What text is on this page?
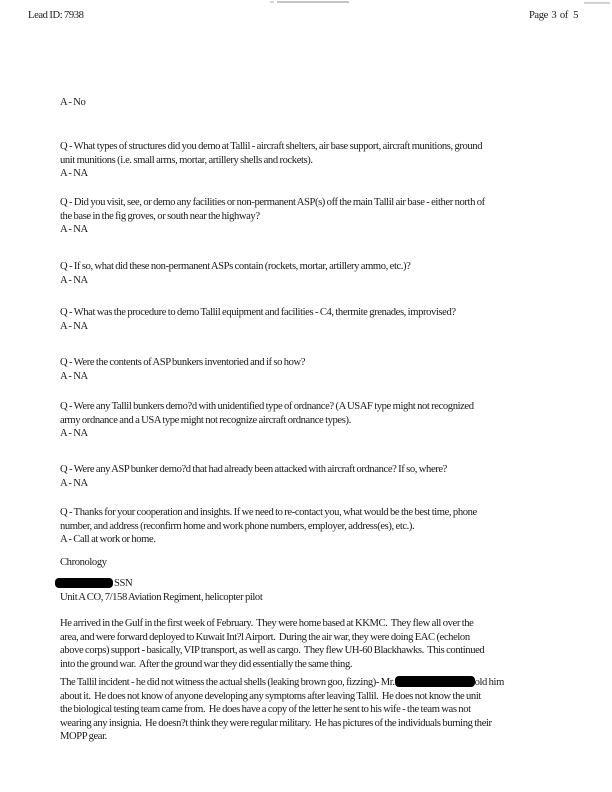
Lead ID: 7938	Page  3  of   5
A - No
Q - What types of structures did you demo at Tallil - aircraft shelters, air base support, aircraft munitions, ground
unit munitions (i.e. small arms, mortar, artillery shells and rockets).
A - NA
Q - Did you visit, see, or demo any facilities or non-permanent ASP(s) off the main Tallil air base - either north of
the base in the fig groves, or south near the highway?
A - NA
Q - If so, what did these non-permanent ASPs contain (rockets, mortar, artillery ammo, etc.)?
A - NA
Q - What was the procedure to demo Tallil equipment and facilities - C4, thermite grenades, improvised?
A - NA
Q - Were the contents of ASP bunkers inventoried and if so how?
A - NA
Q - Were any Tallil bunkers demo?d with unidentified type of ordnance? (A USAF type might not recognized
army ordnance and a USA type might not recognize aircraft ordnance types).
A - NA
Q - Were any ASP bunker demo?d that had already been attacked with aircraft ordnance? If so, where?
A - NA
Q - Thanks for your cooperation and insights. If we need to re-contact you, what would be the best time, phone
number, and address (reconfirm home and work phone numbers, employer, address(es), etc.).
A - Call at work or home.
Chronology
SSN
Unit A CO, 7/158 Aviation Regiment, helicopter pilot
He arrived in the Gulf in the first week of February.  They were home based at KKMC.  They flew all over the
area, and were forward deployed to Kuwait Int?l Airport.  During the air war, they were doing EAC (echelon
above corps) support - basically, VIP transport, as well as cargo.  They flew UH-60 Blackhawks.  This continued
into the ground war.  After the ground war they did essentially the same thing.
The Tallil incident - he did not witness the actual shells (leaking brown goo, fizzing)- Mr.	old him
about it.  He does not know of anyone developing any symptoms after leaving Tallil.  He does not know the unit
the biological testing team came from.  He does have a copy of the letter he sent to his wife - the team was not
wearing any insignia.  He doesn?t think they were regular military.  He has pictures of the individuals burning their
MOPP gear.
